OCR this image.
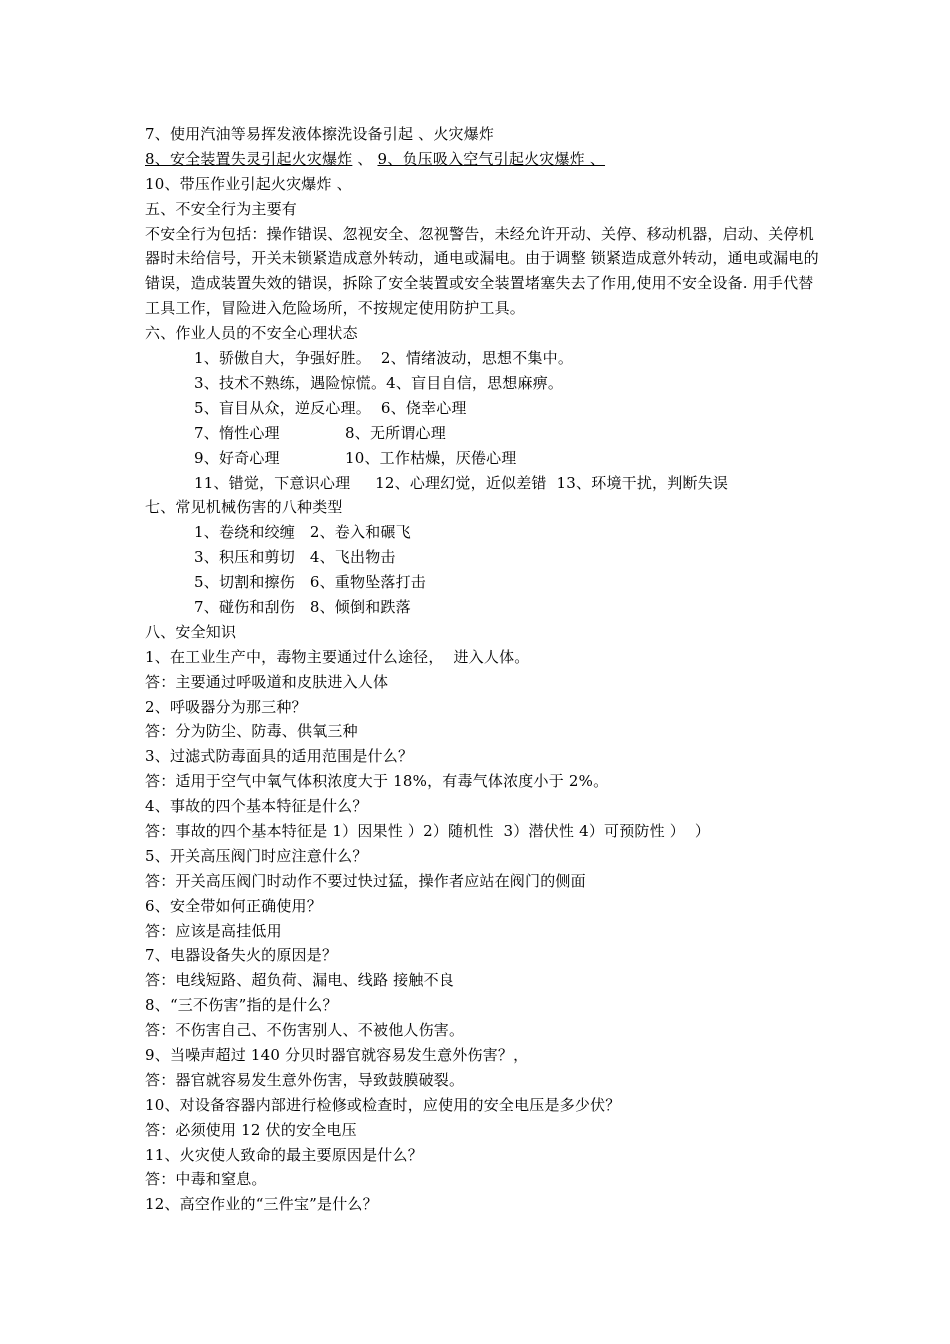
7、使用汽油等易挥发液体擦洗设备引起 、火灾爆炸
8、安全装置失灵引起火灾爆炸 、 9、负压吸入空气引起火灾爆炸 、
10、带压作业引起火灾爆炸 、
五、不安全行为主要有
不安全行为包括：操作错误、忽视安全、忽视警告，未经允许开动、关停、移动机器，启动、关停机器时未给信号，开关未锁紧造成意外转动，通电或漏电。由于调整 锁紧造成意外转动，通电或漏电的错误，造成装置失效的错误，拆除了安全装置或安全装置堵塞失去了作用,使用不安全设备. 用手代替工具工作，冒险进入危险场所，不按规定使用防护工具。
六、作业人员的不安全心理状态
1、骄傲自大，争强好胜。  2、情绪波动，思想不集中。
3、技术不熟练，遇险惊慌。4、盲目自信，思想麻痹。
5、盲目从众，逆反心理。  6、侥幸心理
7、惰性心理	8、无所谓心理
9、好奇心理	10、工作枯燥，厌倦心理
11、错觉，下意识心理     12、心理幻觉，近似差错  13、环境干扰，判断失误
七、常见机械伤害的八种类型
1、卷绕和绞缠   2、卷入和碾飞
3、积压和剪切   4、飞出物击
5、切割和擦伤   6、重物坠落打击
7、碰伤和刮伤   8、倾倒和跌落
八、安全知识
1、在工业生产中，毒物主要通过什么途径，  进入人体。
答：主要通过呼吸道和皮肤进入人体
2、呼吸器分为那三种？
答：分为防尘、防毒、供氧三种
3、过滤式防毒面具的适用范围是什么？
答：适用于空气中氧气体积浓度大于 18%，有毒气体浓度小于 2%。
4、事故的四个基本特征是什么？
答：事故的四个基本特征是 1）因果性 ）2）随机性  3）潜伏性 4）可预防性 ）  ）
5、开关高压阀门时应注意什么？
答：开关高压阀门时动作不要过快过猛，操作者应站在阀门的侧面
6、安全带如何正确使用？
答：应该是高挂低用
7、电器设备失火的原因是？
答：电线短路、超负荷、漏电、线路 接触不良
8、“三不伤害”指的是什么？
答：不伤害自己、不伤害别人、不被他人伤害。
9、当噪声超过 140 分贝时器官就容易发生意外伤害？，
答：器官就容易发生意外伤害，导致鼓膜破裂。
10、对设备容器内部进行检修或检查时，应使用的安全电压是多少伏？
答：必须使用 12 伏的安全电压
11、火灾使人致命的最主要原因是什么？
答：中毒和窒息。
12、高空作业的“三件宝”是什么？
